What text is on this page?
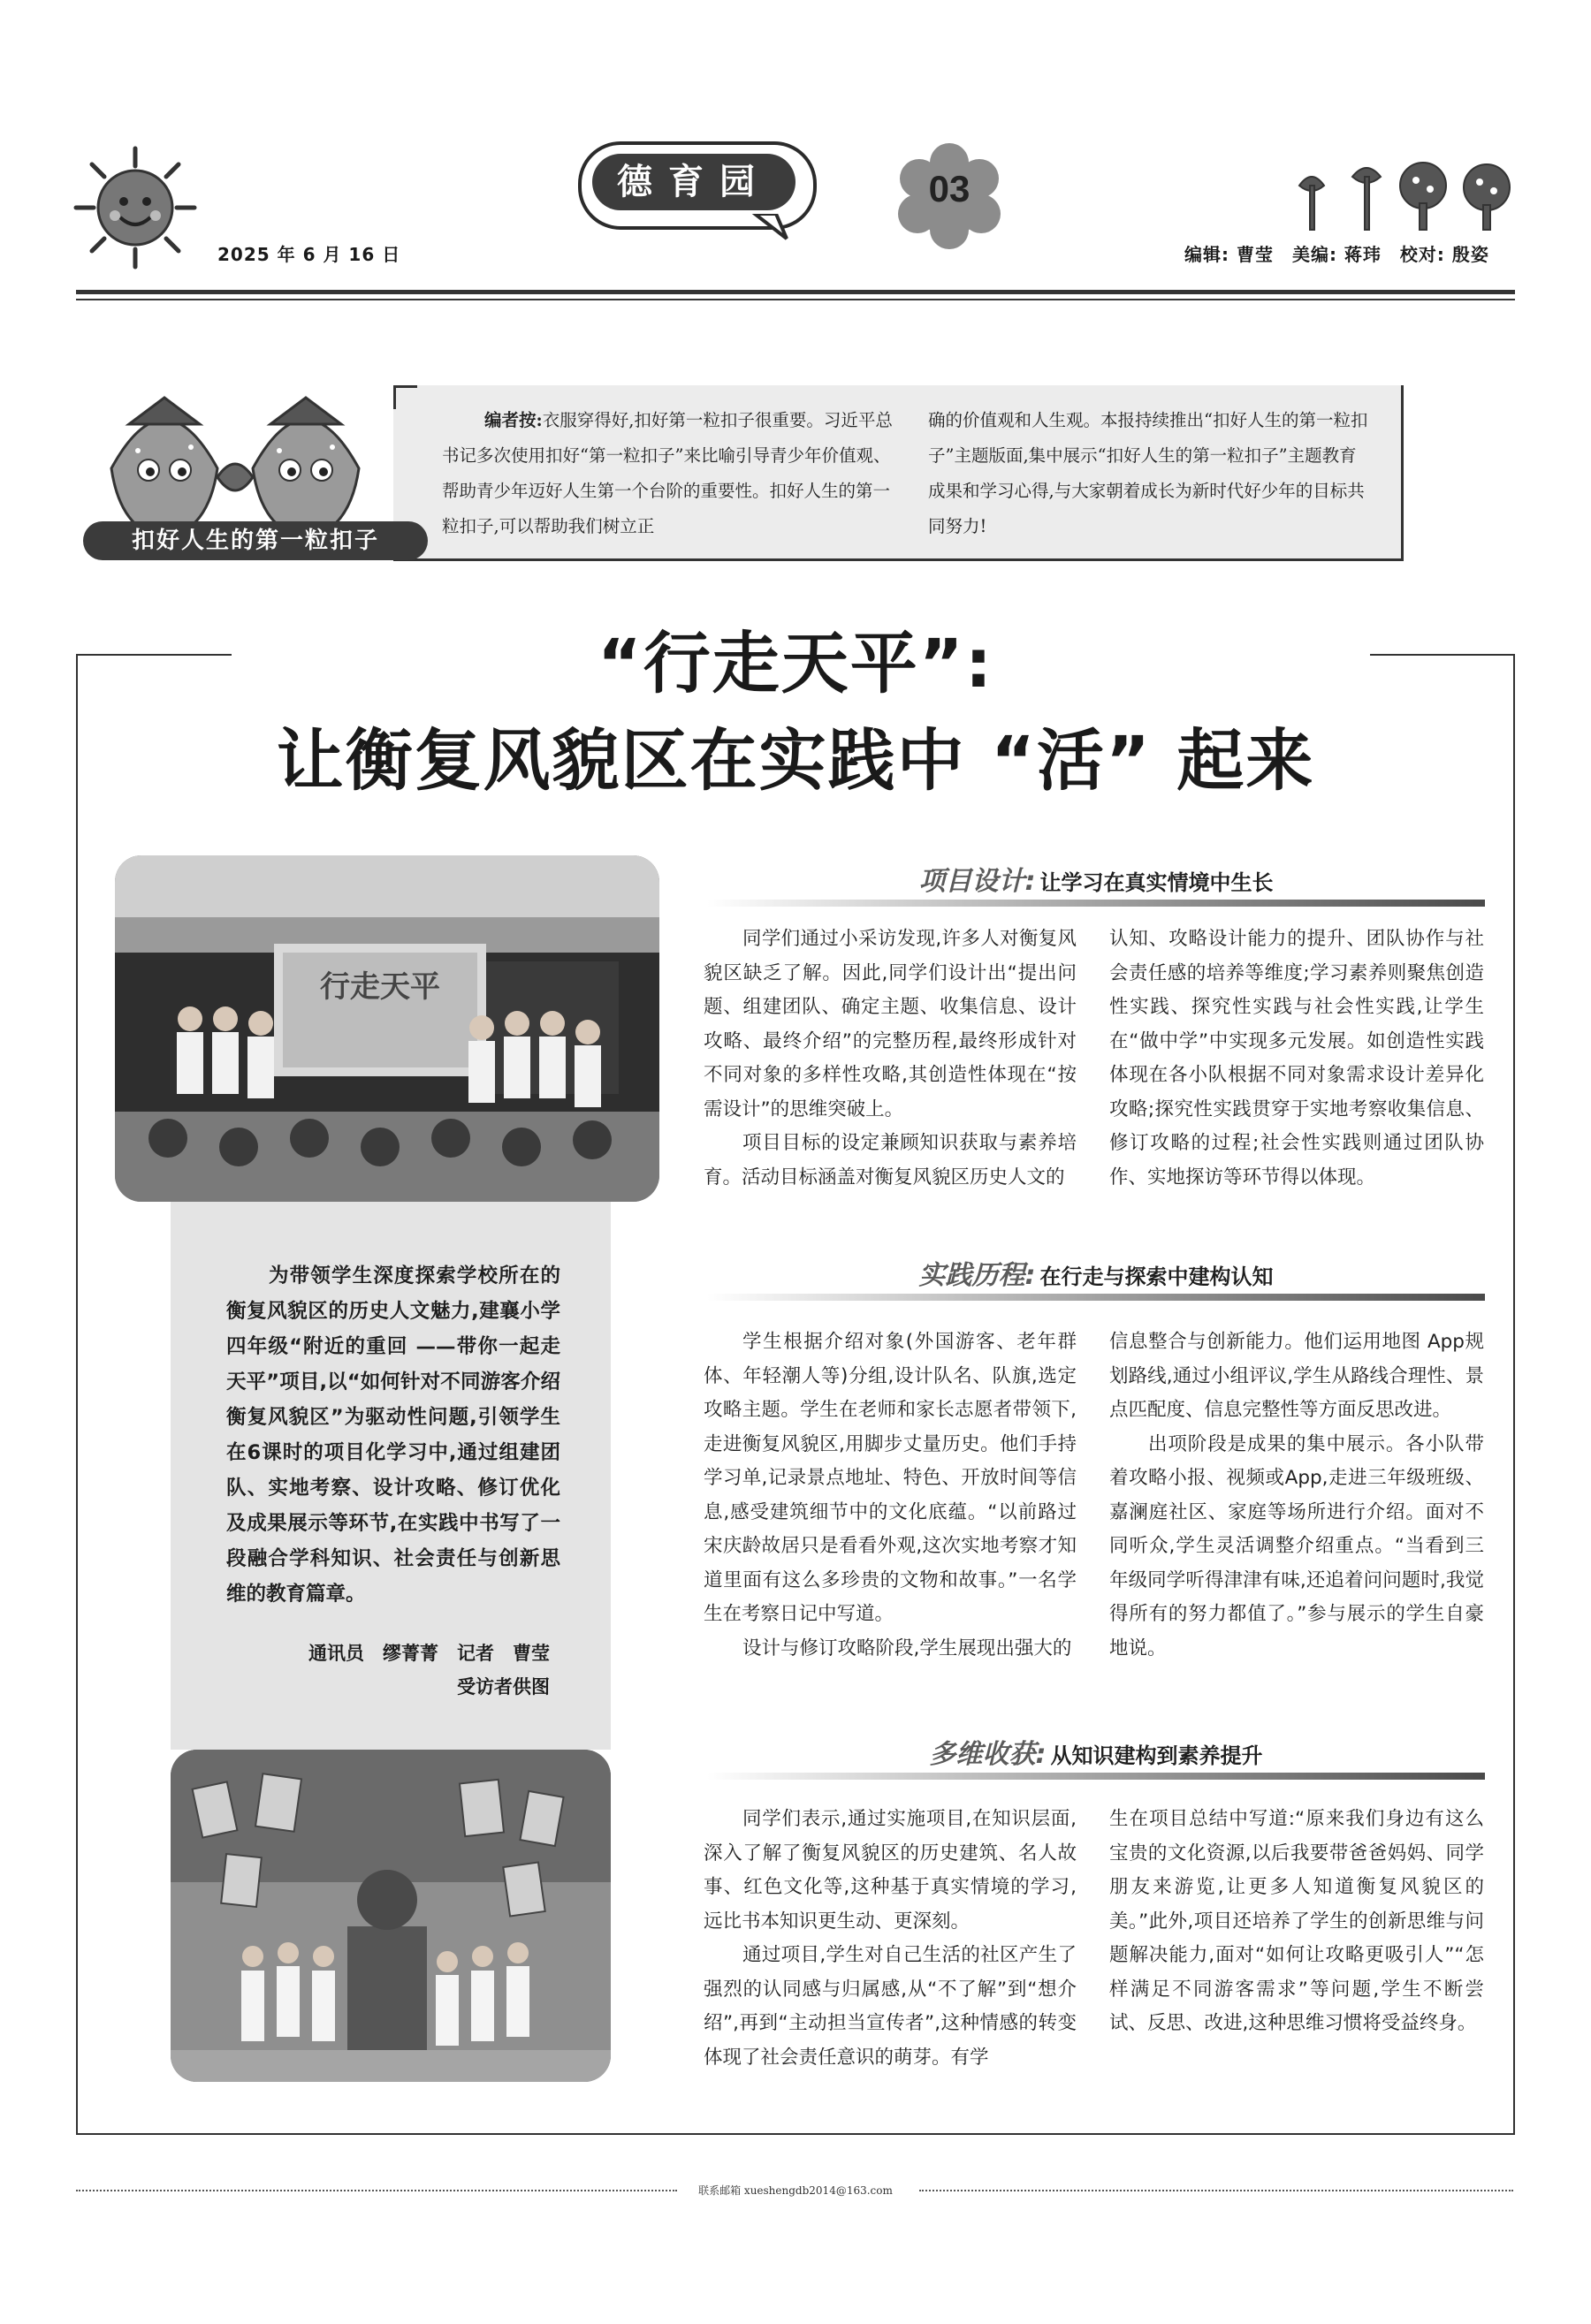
2025 年 6 月 16 日
德育园	03
编辑: 曹莹　美编: 蒋玮　校对: 殷姿
扣好人生的第一粒扣子
编者按:衣服穿得好,扣好第一粒扣子很重要。习近平总书记多次使用扣好“第一粒扣子”来比喻引导青少年价值观、帮助青少年迈好人生第一个台阶的重要性。扣好人生的第一粒扣子,可以帮助我们树立正
确的价值观和人生观。本报持续推出“扣好人生的第一粒扣子”主题版面,集中展示“扣好人生的第一粒扣子”主题教育成果和学习心得,与大家朝着成长为新时代好少年的目标共同努力!
“行走天平”:
让衡复风貌区在实践中 “活” 起来
行走天平
为带领学生深度探索学校所在的衡复风貌区的历史人文魅力,建襄小学四年级“附近的重回 ——带你一起走天平”项目,以“如何针对不同游客介绍衡复风貌区”为驱动性问题,引领学生在6课时的项目化学习中,通过组建团队、实地考察、设计攻略、修订优化及成果展示等环节,在实践中书写了一段融合学科知识、社会责任与创新思维的教育篇章。
通讯员　缪菁菁　记者　曹莹
受访者供图
项目设计: 让学习在真实情境中生长

同学们通过小采访发现,许多人对衡复风貌区缺乏了解。因此,同学们设计出“提出问题、组建团队、确定主题、收集信息、设计攻略、最终介绍”的完整历程,最终形成针对不同对象的多样性攻略,其创造性体现在“按需设计”的思维突破上。

项目目标的设定兼顾知识获取与素养培育。活动目标涵盖对衡复风貌区历史人文的

认知、攻略设计能力的提升、团队协作与社会责任感的培养等维度;学习素养则聚焦创造性实践、探究性实践与社会性实践,让学生在“做中学”中实现多元发展。如创造性实践体现在各小队根据不同对象需求设计差异化攻略;探究性实践贯穿于实地考察收集信息、修订攻略的过程;社会性实践则通过团队协作、实地探访等环节得以体现。

实践历程: 在行走与探索中建构认知

学生根据介绍对象(外国游客、老年群体、年轻潮人等)分组,设计队名、队旗,选定攻略主题。学生在老师和家长志愿者带领下,走进衡复风貌区,用脚步丈量历史。他们手持学习单,记录景点地址、特色、开放时间等信息,感受建筑细节中的文化底蕴。“以前路过宋庆龄故居只是看看外观,这次实地考察才知道里面有这么多珍贵的文物和故事。”一名学生在考察日记中写道。

设计与修订攻略阶段,学生展现出强大的

信息整合与创新能力。他们运用地图 App规划路线,通过小组评议,学生从路线合理性、景点匹配度、信息完整性等方面反思改进。

出项阶段是成果的集中展示。各小队带着攻略小报、视频或App,走进三年级班级、嘉澜庭社区、家庭等场所进行介绍。面对不同听众,学生灵活调整介绍重点。“当看到三年级同学听得津津有味,还追着问问题时,我觉得所有的努力都值了。”参与展示的学生自豪地说。

多维收获: 从知识建构到素养提升

同学们表示,通过实施项目,在知识层面,深入了解了衡复风貌区的历史建筑、名人故事、红色文化等,这种基于真实情境的学习,远比书本知识更生动、更深刻。

通过项目,学生对自己生活的社区产生了强烈的认同感与归属感,从“不了解”到“想介绍”,再到“主动担当宣传者”,这种情感的转变体现了社会责任意识的萌芽。有学

生在项目总结中写道:“原来我们身边有这么宝贵的文化资源,以后我要带爸爸妈妈、同学朋友来游览,让更多人知道衡复风貌区的美。”此外,项目还培养了学生的创新思维与问题解决能力,面对“如何让攻略更吸引人”“怎样满足不同游客需求”等问题,学生不断尝试、反思、改进,这种思维习惯将受益终身。

联系邮箱 xueshengdb2014@163.com
